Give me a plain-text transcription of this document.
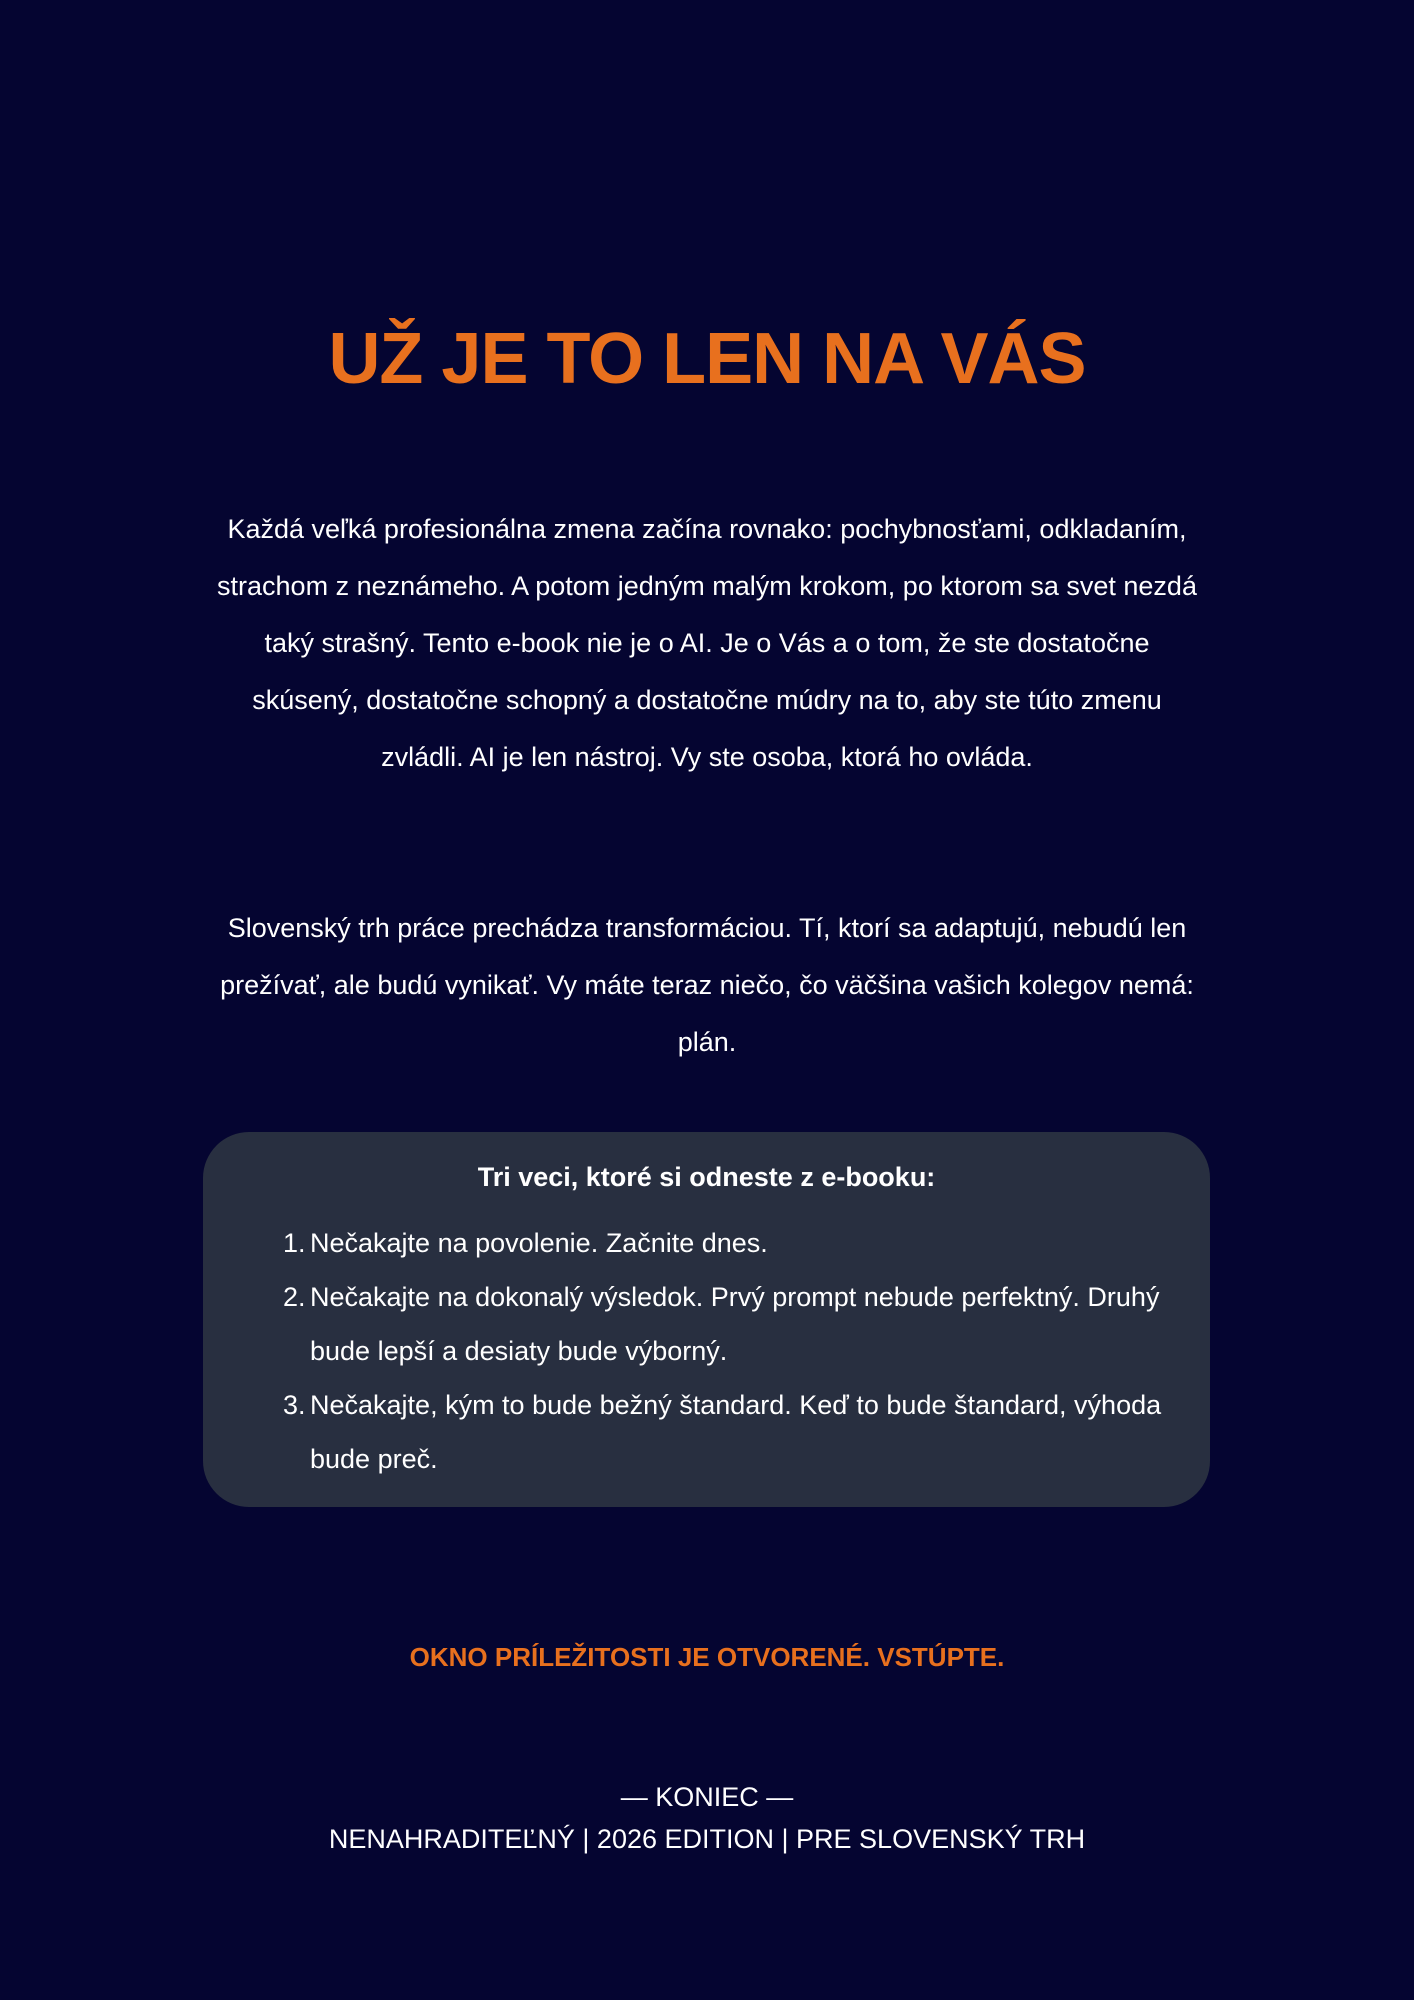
UŽ JE TO LEN NA VÁS

Každá veľká profesionálna zmena začína rovnako: pochybnosťami, odkladaním, strachom z neznámeho. A potom jedným malým krokom, po ktorom sa svet nezdá taký strašný. Tento e-book nie je o AI. Je o Vás a o tom, že ste dostatočne skúsený, dostatočne schopný a dostatočne múdry na to, aby ste túto zmenu zvládli. AI je len nástroj. Vy ste osoba, ktorá ho ovláda.

Slovenský trh práce prechádza transformáciou. Tí, ktorí sa adaptujú, nebudú len prežívať, ale budú vynikať. Vy máte teraz niečo, čo väčšina vašich kolegov nemá: plán.

Tri veci, ktoré si odneste z e-booku:
1. Nečakajte na povolenie. Začnite dnes.
2. Nečakajte na dokonalý výsledok. Prvý prompt nebude perfektný. Druhý bude lepší a desiaty bude výborný.
3. Nečakajte, kým to bude bežný štandard. Keď to bude štandard, výhoda bude preč.
OKNO PRÍLEŽITOSTI JE OTVORENÉ. VSTÚPTE.
— KONIEC —
NENAHRADITEĽNÝ | 2026 EDITION | PRE SLOVENSKÝ TRH
